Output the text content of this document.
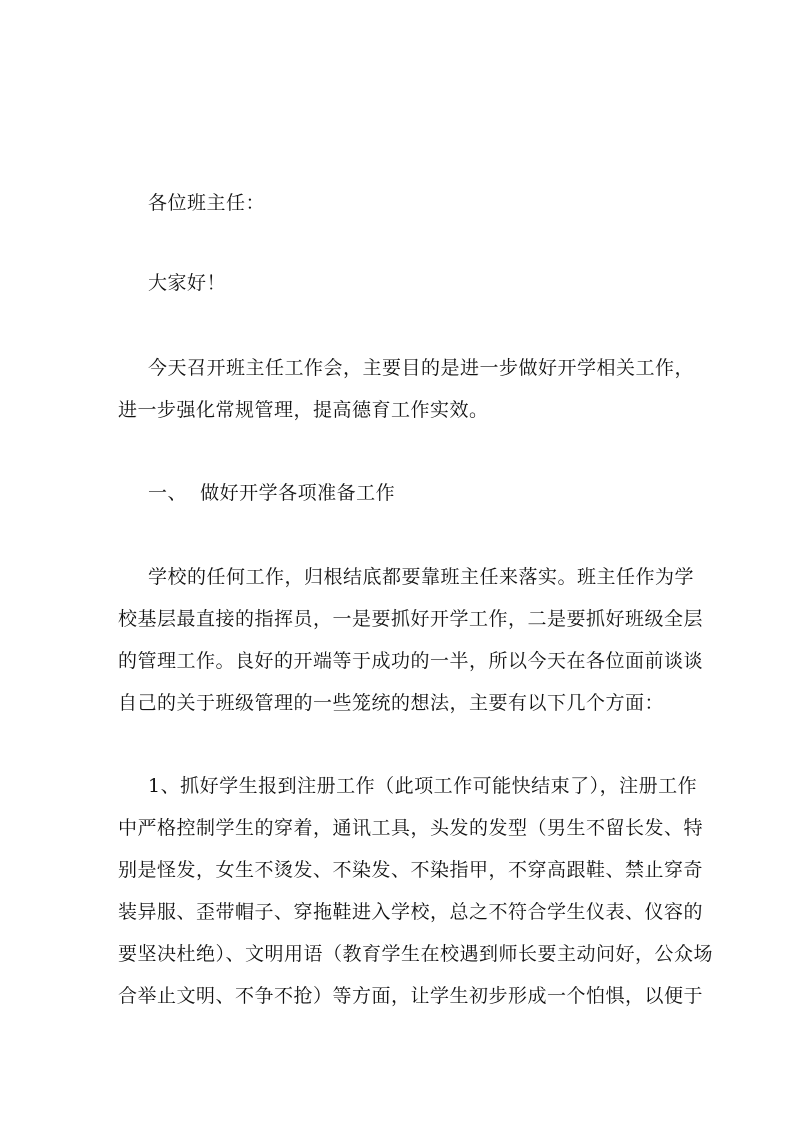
各位班主任：
大家好！
今天召开班主任工作会，主要目的是进一步做好开学相关工作，
进一步强化常规管理，提高德育工作实效。
一、  做好开学各项准备工作
学校的任何工作，归根结底都要靠班主任来落实。班主任作为学
校基层最直接的指挥员，一是要抓好开学工作，二是要抓好班级全层
的管理工作。良好的开端等于成功的一半，所以今天在各位面前谈谈
自己的关于班级管理的一些笼统的想法，主要有以下几个方面：
1、抓好学生报到注册工作（此项工作可能快结束了），注册工作
中严格控制学生的穿着，通讯工具，头发的发型（男生不留长发、特
别是怪发，女生不烫发、不染发、不染指甲，不穿高跟鞋、禁止穿奇
装异服、歪带帽子、穿拖鞋进入学校，总之不符合学生仪表、仪容的
要坚决杜绝）、文明用语（教育学生在校遇到师长要主动问好，公众场
合举止文明、不争不抢）等方面，让学生初步形成一个怕惧，以便于
